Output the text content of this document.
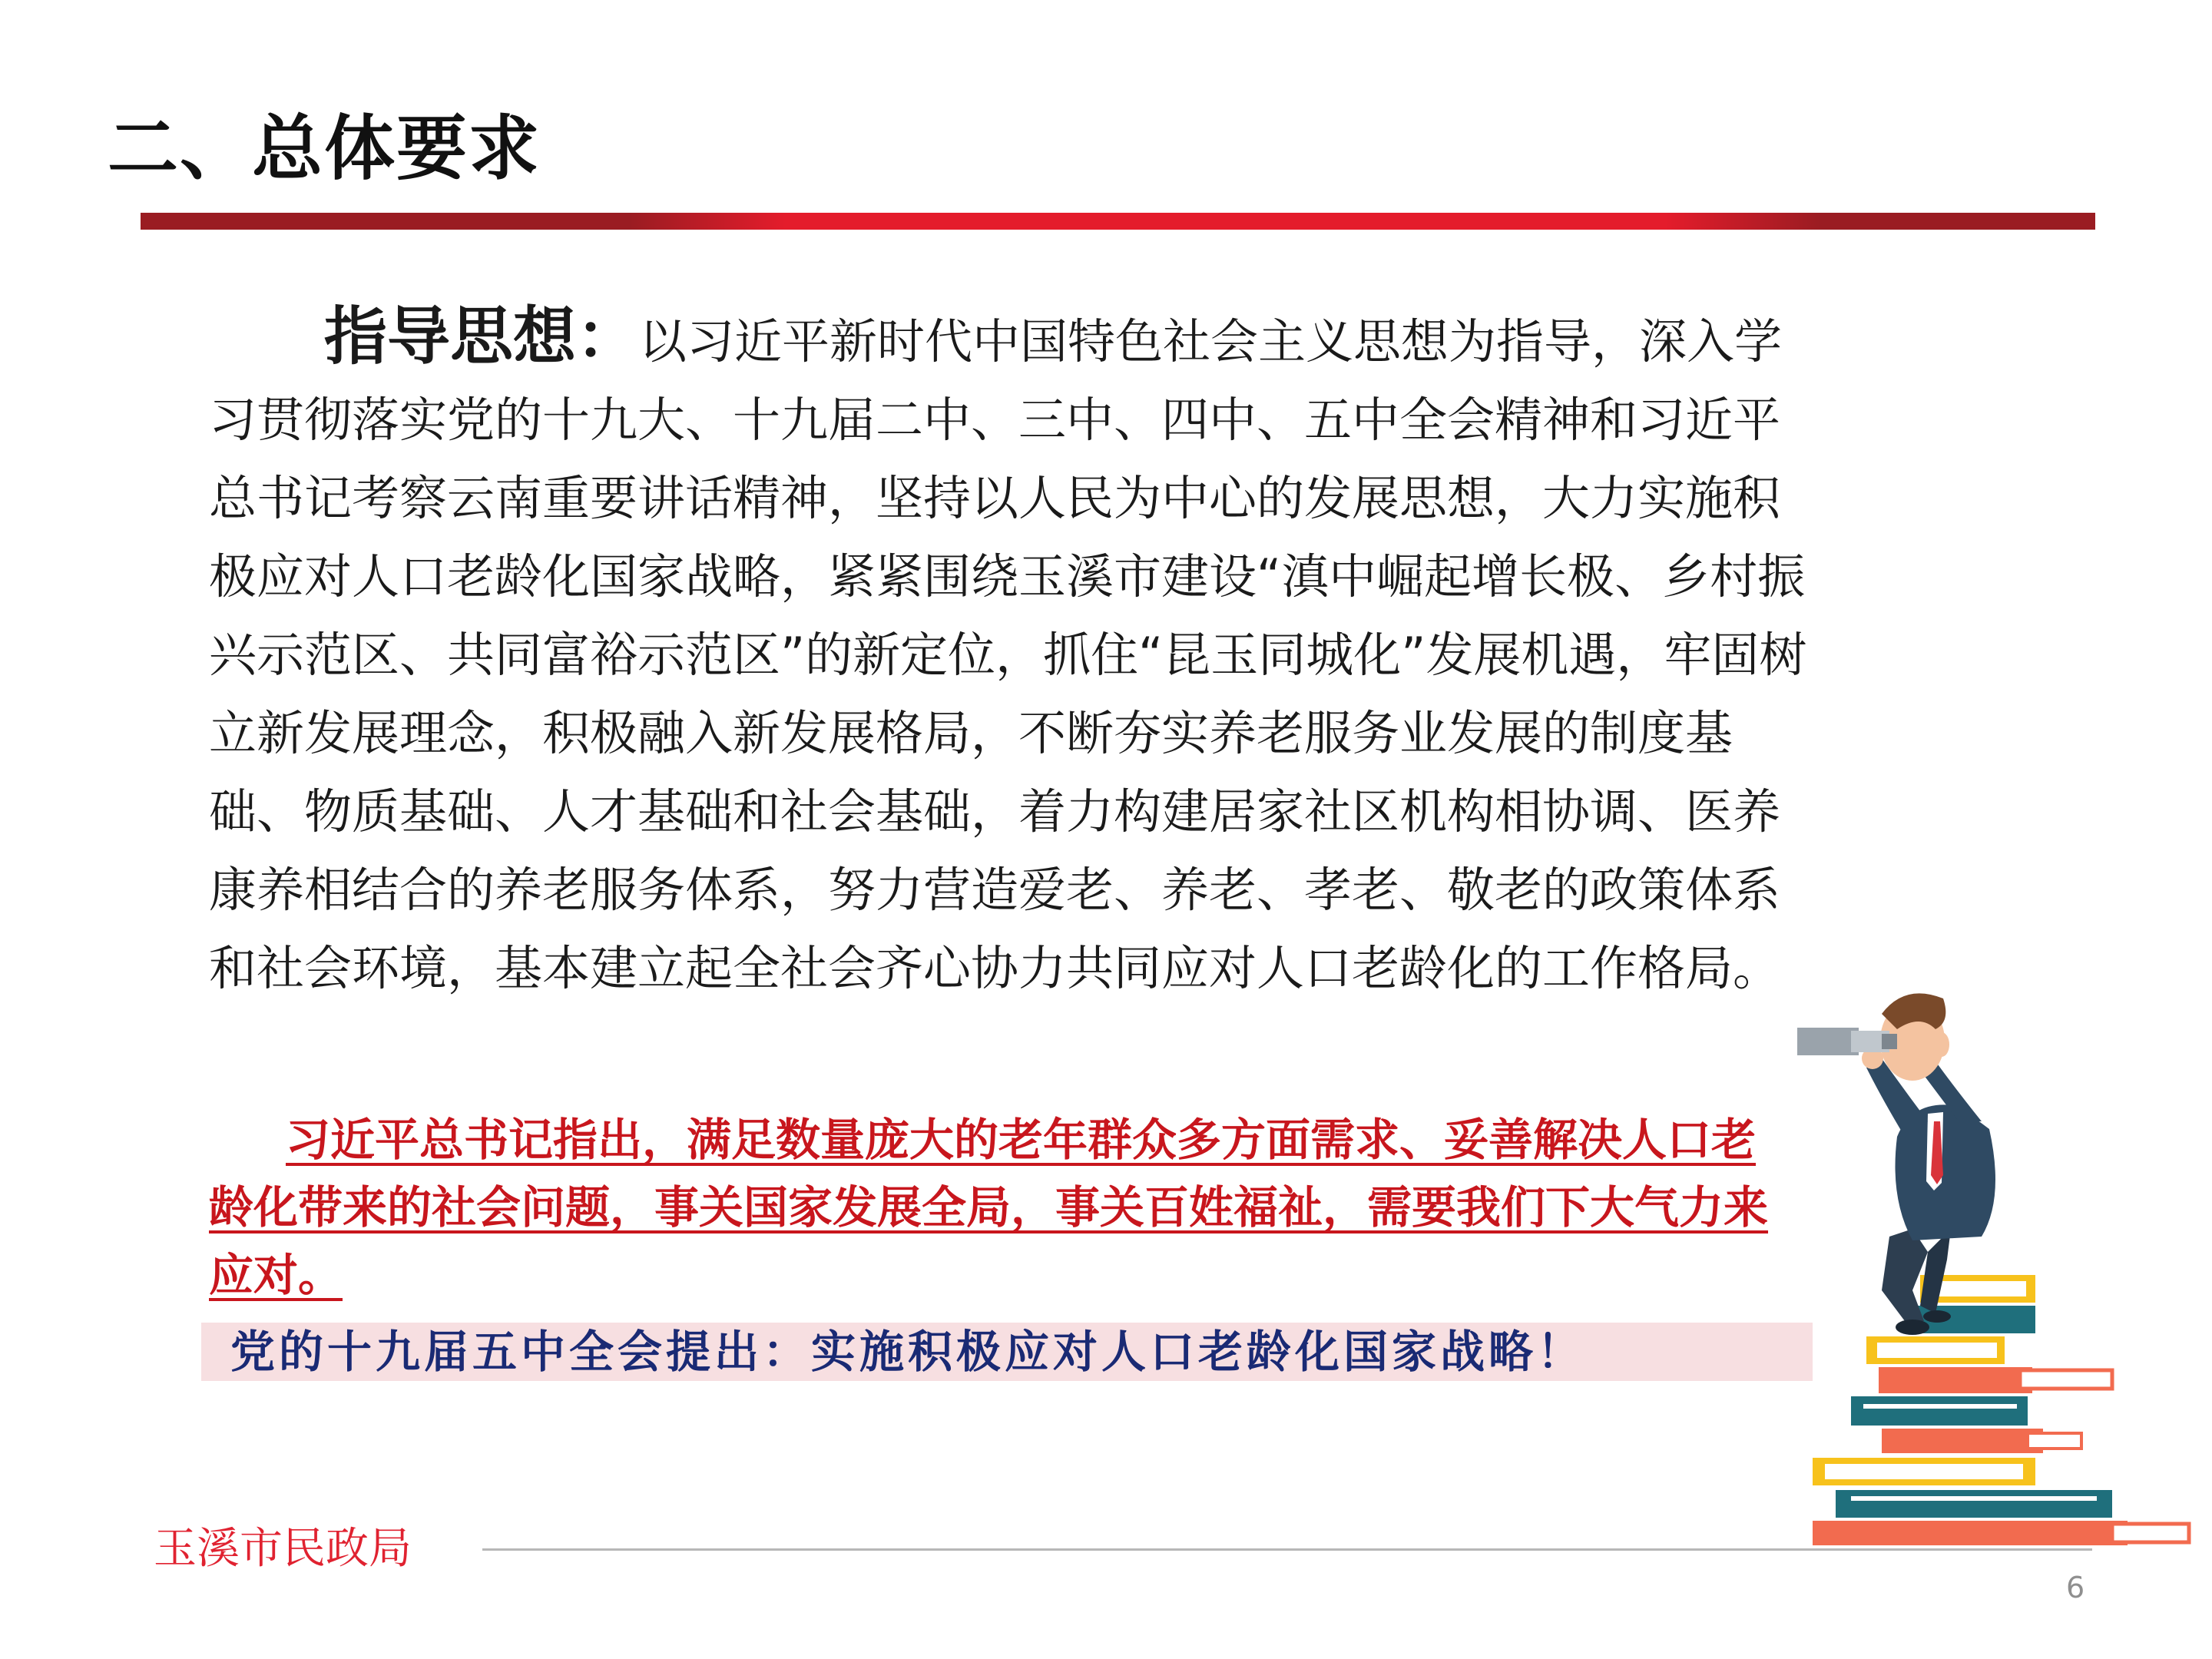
二、总体要求

指导思想：以习近平新时代中国特色社会主义思想为指导，深入学习贯彻落实党的十九大、十九届二中、三中、四中、五中全会精神和习近平总书记考察云南重要讲话精神，坚持以人民为中心的发展思想，大力实施积极应对人口老龄化国家战略，紧紧围绕玉溪市建设“滇中崛起增长极、乡村振兴示范区、共同富裕示范区”的新定位，抓住“昆玉同城化”发展机遇，牢固树立新发展理念，积极融入新发展格局，不断夯实养老服务业发展的制度基础、物质基础、人才基础和社会基础，着力构建居家社区机构相协调、医养康养相结合的养老服务体系，努力营造爱老、养老、孝老、敬老的政策体系和社会环境，基本建立起全社会齐心协力共同应对人口老龄化的工作格局。

习近平总书记指出，满足数量庞大的老年群众多方面需求、妥善解决人口老龄化带来的社会问题，事关国家发展全局，事关百姓福祉，需要我们下大气力来应对。

党的十九届五中全会提出：实施积极应对人口老龄化国家战略！
玉溪市民政局
6
